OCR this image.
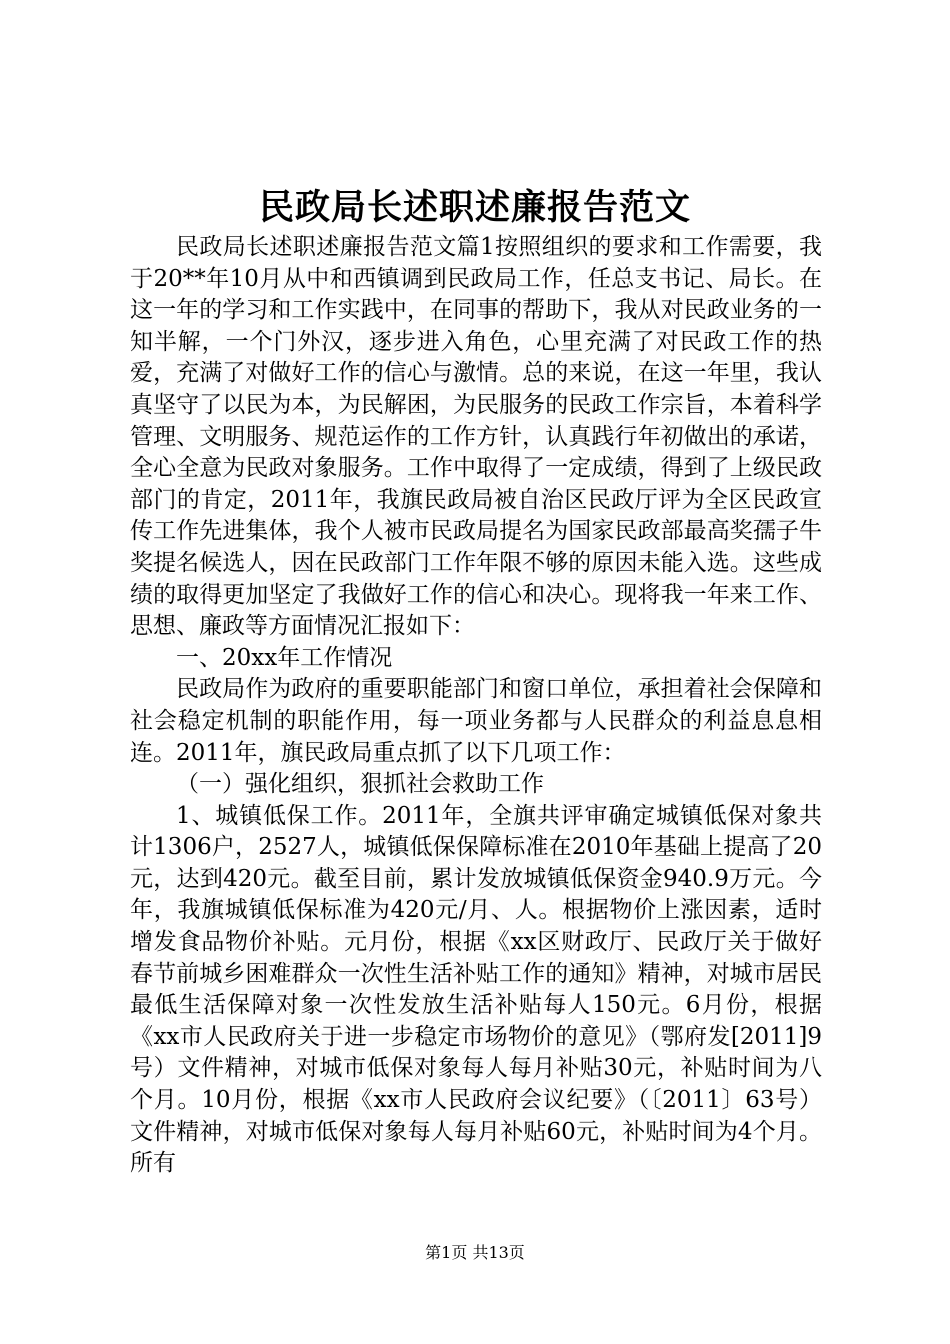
民政局长述职述廉报告范文

民政局长述职述廉报告范文篇1按照组织的要求和工作需要，我于20**年10月从中和西镇调到民政局工作，任总支书记、局长。在这一年的学习和工作实践中，在同事的帮助下，我从对民政业务的一知半解，一个门外汉，逐步进入角色，心里充满了对民政工作的热爱，充满了对做好工作的信心与激情。总的来说，在这一年里，我认真坚守了以民为本，为民解困，为民服务的民政工作宗旨，本着科学管理、文明服务、规范运作的工作方针，认真践行年初做出的承诺，全心全意为民政对象服务。工作中取得了一定成绩，得到了上级民政部门的肯定，2011年，我旗民政局被自治区民政厅评为全区民政宣传工作先进集体，我个人被市民政局提名为国家民政部最高奖孺子牛奖提名候选人，因在民政部门工作年限不够的原因未能入选。这些成绩的取得更加坚定了我做好工作的信心和决心。现将我一年来工作、思想、廉政等方面情况汇报如下：

一、20xx年工作情况

民政局作为政府的重要职能部门和窗口单位，承担着社会保障和社会稳定机制的职能作用，每一项业务都与人民群众的利益息息相连。2011年，旗民政局重点抓了以下几项工作：

（一）强化组织，狠抓社会救助工作

1、城镇低保工作。2011年，全旗共评审确定城镇低保对象共计1306户，2527人，城镇低保保障标准在2010年基础上提高了20元，达到420元。截至目前，累计发放城镇低保资金940.9万元。今年，我旗城镇低保标准为420元/月、人。根据物价上涨因素，适时增发食品物价补贴。元月份，根据《xx区财政厅、民政厅关于做好春节前城乡困难群众一次性生活补贴工作的通知》精神，对城市居民最低生活保障对象一次性发放生活补贴每人150元。6月份，根据《xx市人民政府关于进一步稳定市场物价的意见》（鄂府发[2011]9号）文件精神，对城市低保对象每人每月补贴30元，补贴时间为八个月。10月份，根据《xx市人民政府会议纪要》（〔2011〕63号）文件精神，对城市低保对象每人每月补贴60元，补贴时间为4个月。所有

第1页 共13页
